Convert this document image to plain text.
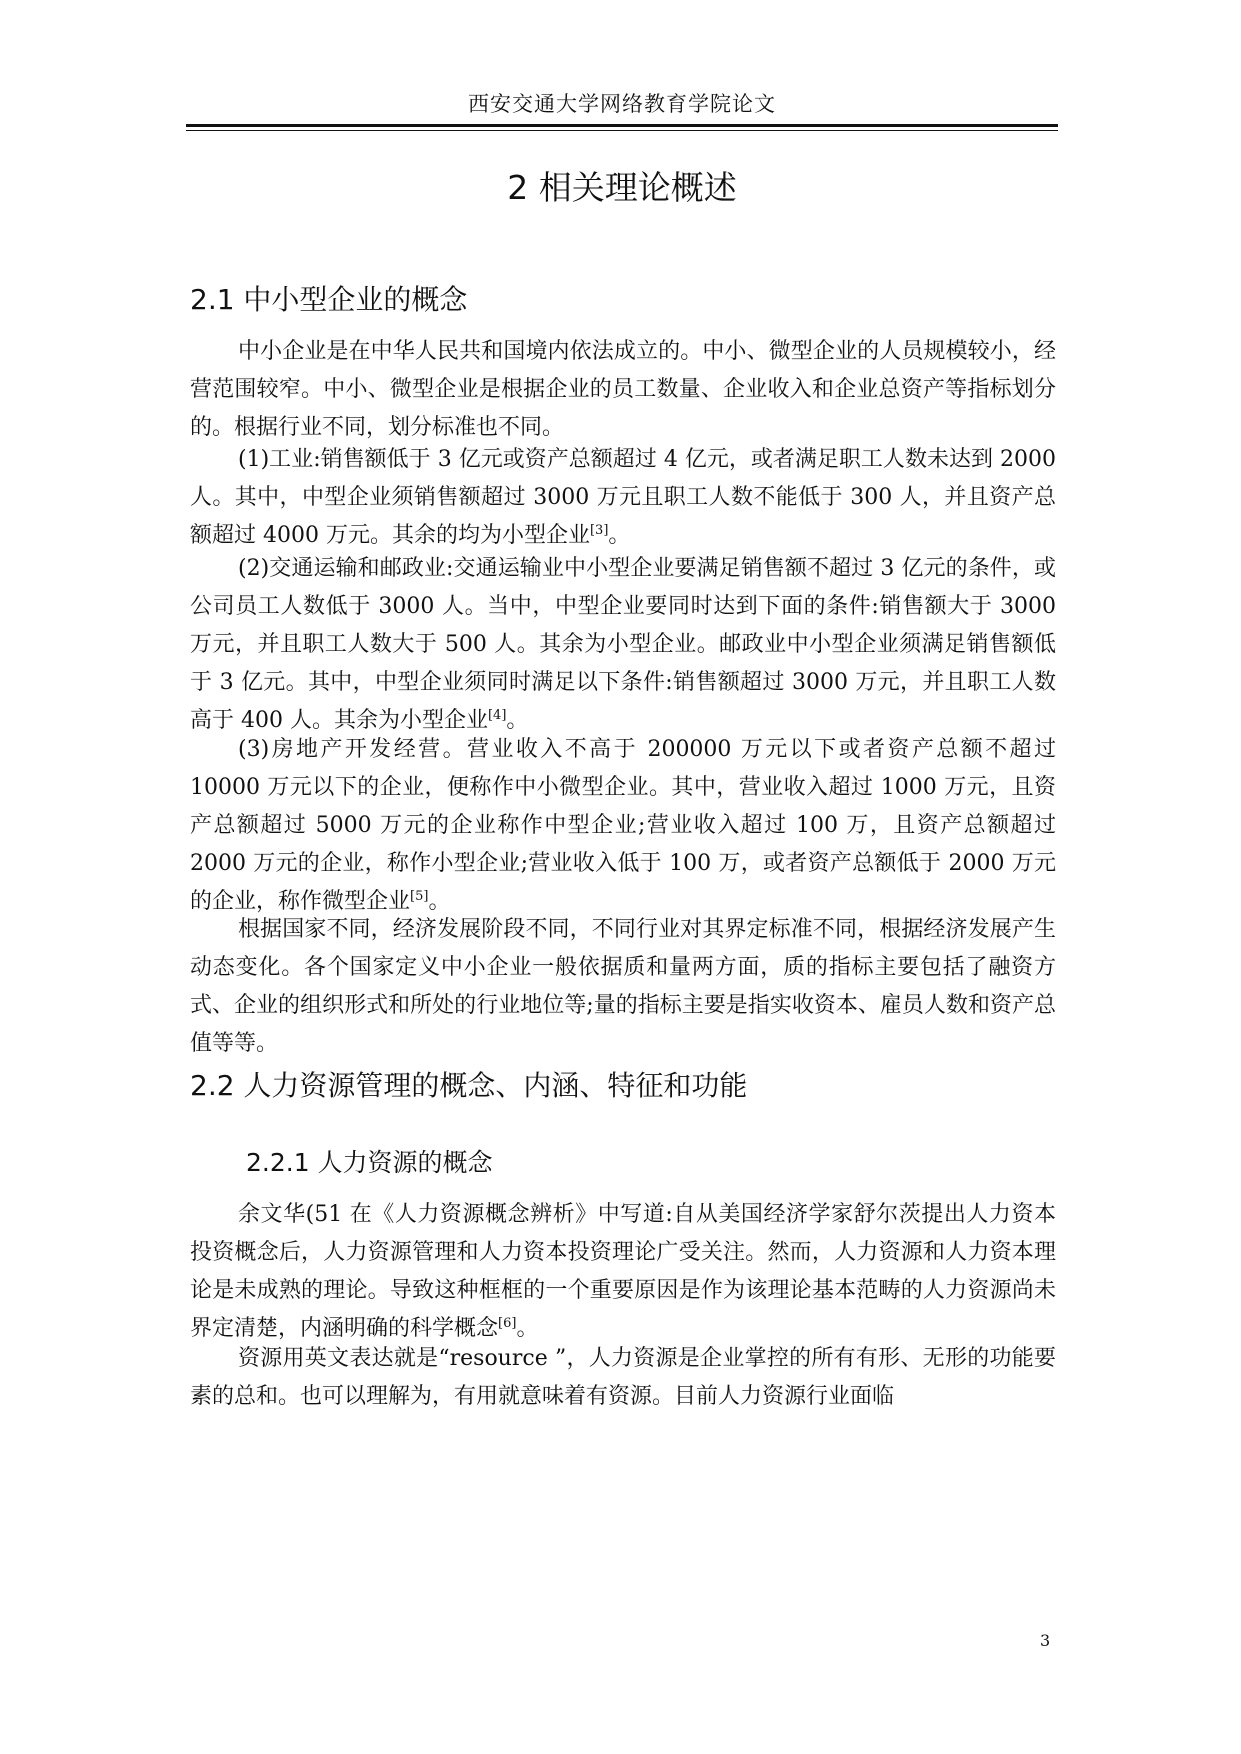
西安交通大学网络教育学院论文
2 相关理论概述
2.1 中小型企业的概念

中小企业是在中华人民共和国境内依法成立的。中小、微型企业的人员规模较小，经营范围较窄。中小、微型企业是根据企业的员工数量、企业收入和企业总资产等指标划分的。根据行业不同，划分标准也不同。

(1)工业:销售额低于 3 亿元或资产总额超过 4 亿元，或者满足职工人数未达到 2000 人。其中，中型企业须销售额超过 3000 万元且职工人数不能低于 300 人，并且资产总额超过 4000 万元。其余的均为小型企业[3]。

(2)交通运输和邮政业:交通运输业中小型企业要满足销售额不超过 3 亿元的条件，或公司员工人数低于 3000 人。当中，中型企业要同时达到下面的条件:销售额大于 3000 万元，并且职工人数大于 500 人。其余为小型企业。邮政业中小型企业须满足销售额低于 3 亿元。其中，中型企业须同时满足以下条件:销售额超过 3000 万元，并且职工人数高于 400 人。其余为小型企业[4]。

(3)房地产开发经营。营业收入不高于 200000 万元以下或者资产总额不超过 10000 万元以下的企业，便称作中小微型企业。其中，营业收入超过 1000 万元，且资产总额超过 5000 万元的企业称作中型企业;营业收入超过 100 万，且资产总额超过 2000 万元的企业，称作小型企业;营业收入低于 100 万，或者资产总额低于 2000 万元的企业，称作微型企业[5]。

根据国家不同，经济发展阶段不同，不同行业对其界定标准不同，根据经济发展产生动态变化。各个国家定义中小企业一般依据质和量两方面，质的指标主要包括了融资方式、企业的组织形式和所处的行业地位等;量的指标主要是指实收资本、雇员人数和资产总值等等。

2.2 人力资源管理的概念、内涵、特征和功能
2.2.1 人力资源的概念

余文华(51 在《人力资源概念辨析》中写道:自从美国经济学家舒尔茨提出人力资本投资概念后，人力资源管理和人力资本投资理论广受关注。然而，人力资源和人力资本理论是未成熟的理论。导致这种框框的一个重要原因是作为该理论基本范畴的人力资源尚未界定清楚，内涵明确的科学概念[6]。

资源用英文表达就是“resource ”，人力资源是企业掌控的所有有形、无形的功能要素的总和。也可以理解为，有用就意味着有资源。目前人力资源行业面临

3
